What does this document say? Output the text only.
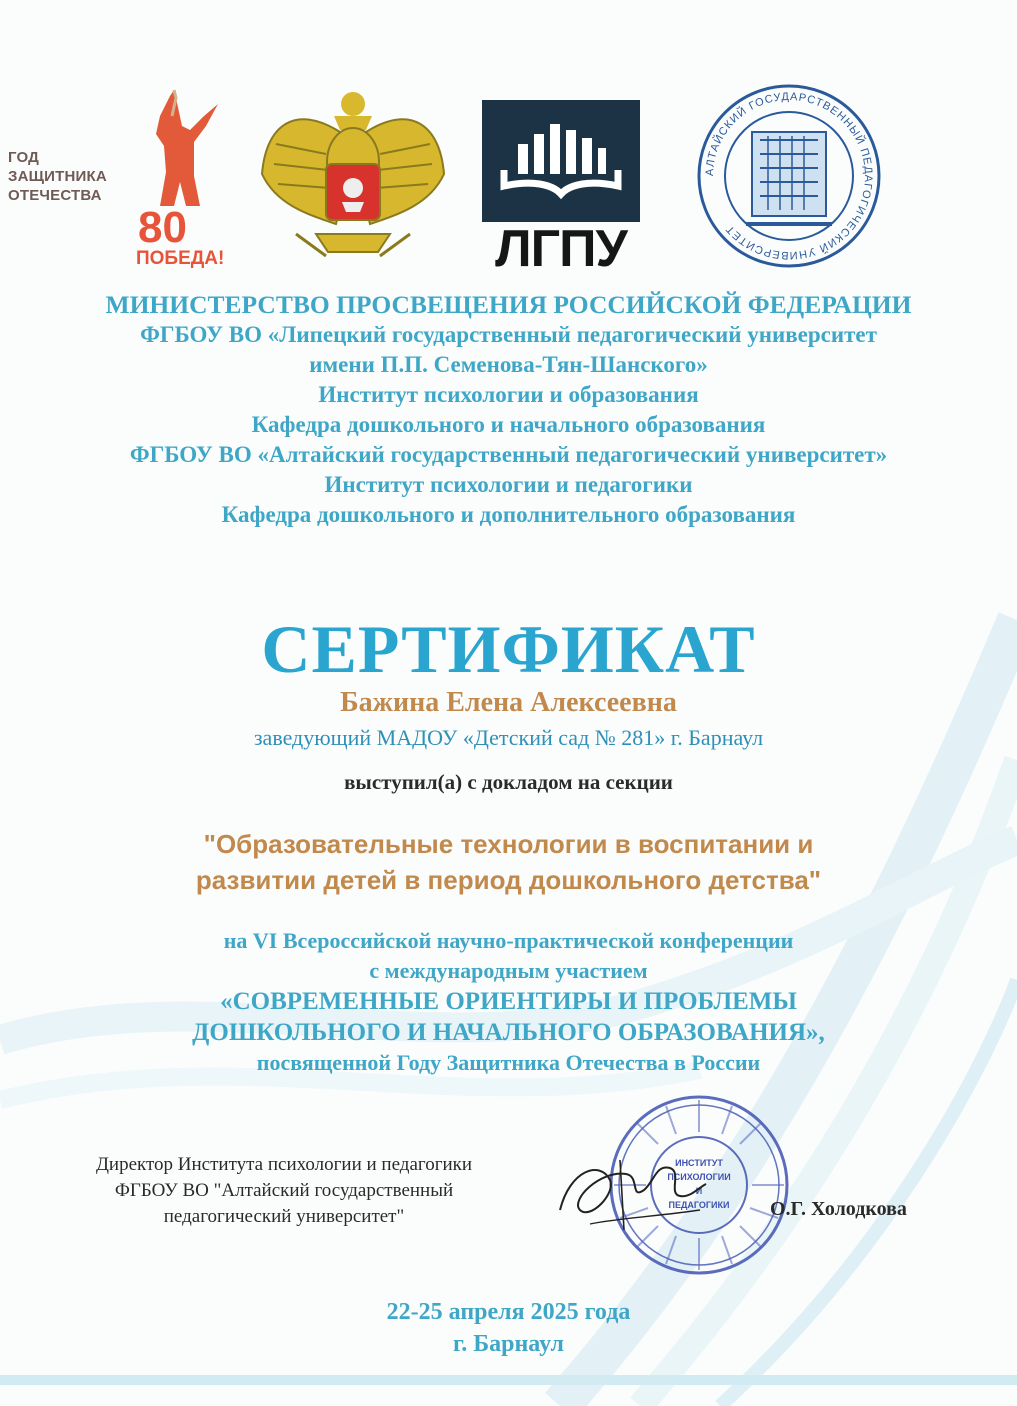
ГОД
ЗАЩИТНИКА
ОТЕЧЕСТВА
80
ПОБЕДА!	ЛГПУ
АЛТАЙСКИЙ ГОСУДАРСТВЕННЫЙ ПЕДАГОГИЧЕСКИЙ УНИВЕРСИТЕТ
МИНИСТЕРСТВО ПРОСВЕЩЕНИЯ РОССИЙСКОЙ ФЕДЕРАЦИИ
ФГБОУ ВО «Липецкий государственный педагогический университет
имени П.П. Семенова-Тян-Шанского»
Институт психологии и образования
Кафедра дошкольного и начального образования
ФГБОУ ВО «Алтайский государственный педагогический университет»
Институт психологии и педагогики
Кафедра дошкольного и дополнительного образования
СЕРТИФИКАТ
Бажина Елена Алексеевна
заведующий МАДОУ «Детский сад № 281» г. Барнаул
выступил(а) с докладом на секции
"Образовательные технологии в воспитании и
развитии детей в период дошкольного детства"
на VI Всероссийской научно-практической конференции
с международным участием
«СОВРЕМЕННЫЕ ОРИЕНТИРЫ И ПРОБЛЕМЫ
ДОШКОЛЬНОГО И НАЧАЛЬНОГО ОБРАЗОВАНИЯ»,
посвященной Году Защитника Отечества в России
Директор Института психологии и педагогики
ФГБОУ ВО "Алтайский государственный
педагогический университет"
ИНСТИТУТ
ПСИХОЛОГИИ
И
ПЕДАГОГИКИ О.Г. Холодкова
22-25 апреля 2025 года
г. Барнаул
